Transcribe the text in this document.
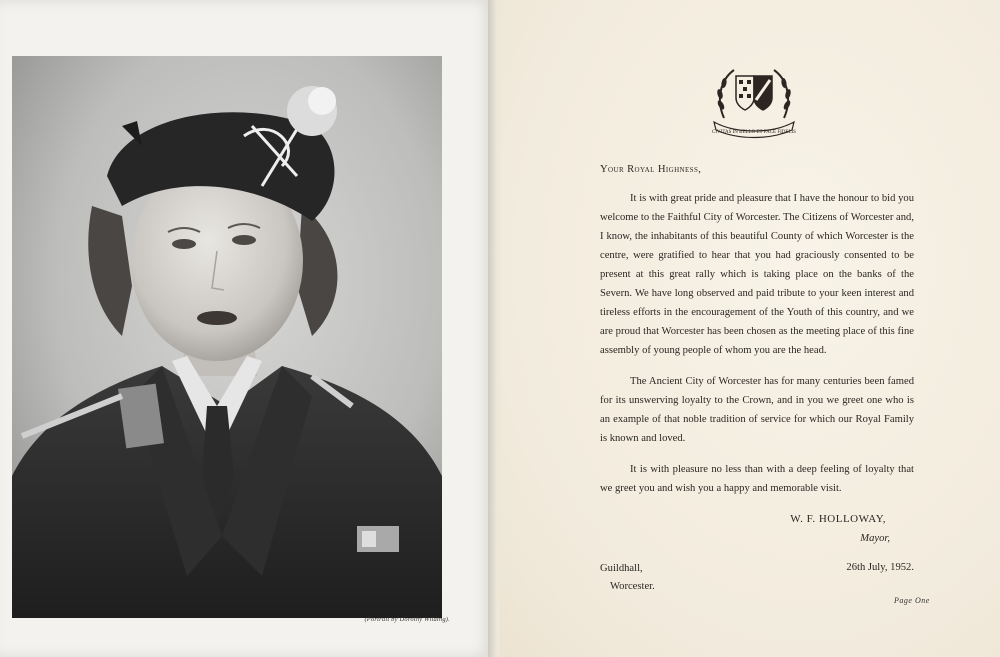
(Portrait by Dorothy Wilding).
CIVITAS IN BELLO ET PACE FIDELIS

Your Royal Highness,

It is with great pride and pleasure that I have the honour to bid you welcome to the Faithful City of Worcester. The Citizens of Worcester and, I know, the inhabitants of this beautiful County of which Worcester is the centre, were gratified to hear that you had graciously consented to be present at this great rally which is taking place on the banks of the Severn. We have long observed and paid tribute to your keen interest and tireless efforts in the encouragement of the Youth of this country, and we are proud that Worcester has been chosen as the meeting place of this fine assembly of young people of whom you are the head.

The Ancient City of Worcester has for many centuries been famed for its unswerving loyalty to the Crown, and in you we greet one who is an example of that noble tradition of service for which our Royal Family is known and loved.

It is with pleasure no less than with a deep feeling of loyalty that we greet you and wish you a happy and memorable visit.

W. F. HOLLOWAY,

Mayor,

26th July, 1952.

Guildhall,
Worcester.
Page One
